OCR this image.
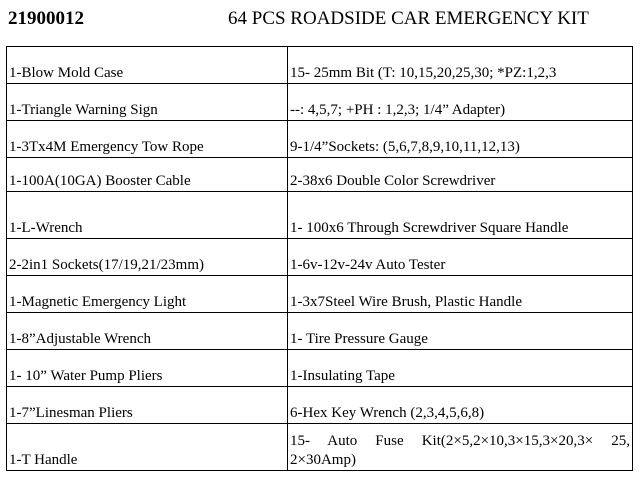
21900012	64 PCS ROADSIDE CAR EMERGENCY KIT
1-Blow Mold Case	15- 25mm Bit (T: 10,15,20,25,30; *PZ:1,2,3
1-Triangle Warning Sign	--: 4,5,7; +PH : 1,2,3; 1/4” Adapter)
1-3Tx4M Emergency Tow Rope	9-1/4”Sockets: (5,6,7,8,9,10,11,12,13)
1-100A(10GA) Booster Cable	2-38x6 Double Color Screwdriver
1-L-Wrench	1- 100x6 Through Screwdriver Square Handle
2-2in1 Sockets(17/19,21/23mm)	1-6v-12v-24v Auto Tester
1-Magnetic Emergency Light	1-3x7Steel Wire Brush, Plastic Handle
1-8”Adjustable Wrench	1- Tire Pressure Gauge
1- 10” Water Pump Pliers	1-Insulating Tape
1-7”Linesman Pliers	6-Hex Key Wrench (2,3,4,5,6,8)
1-T Handle	15- Auto Fuse Kit(2×5,2×10,3×15,3×20,3× 25, 2×30Amp)
